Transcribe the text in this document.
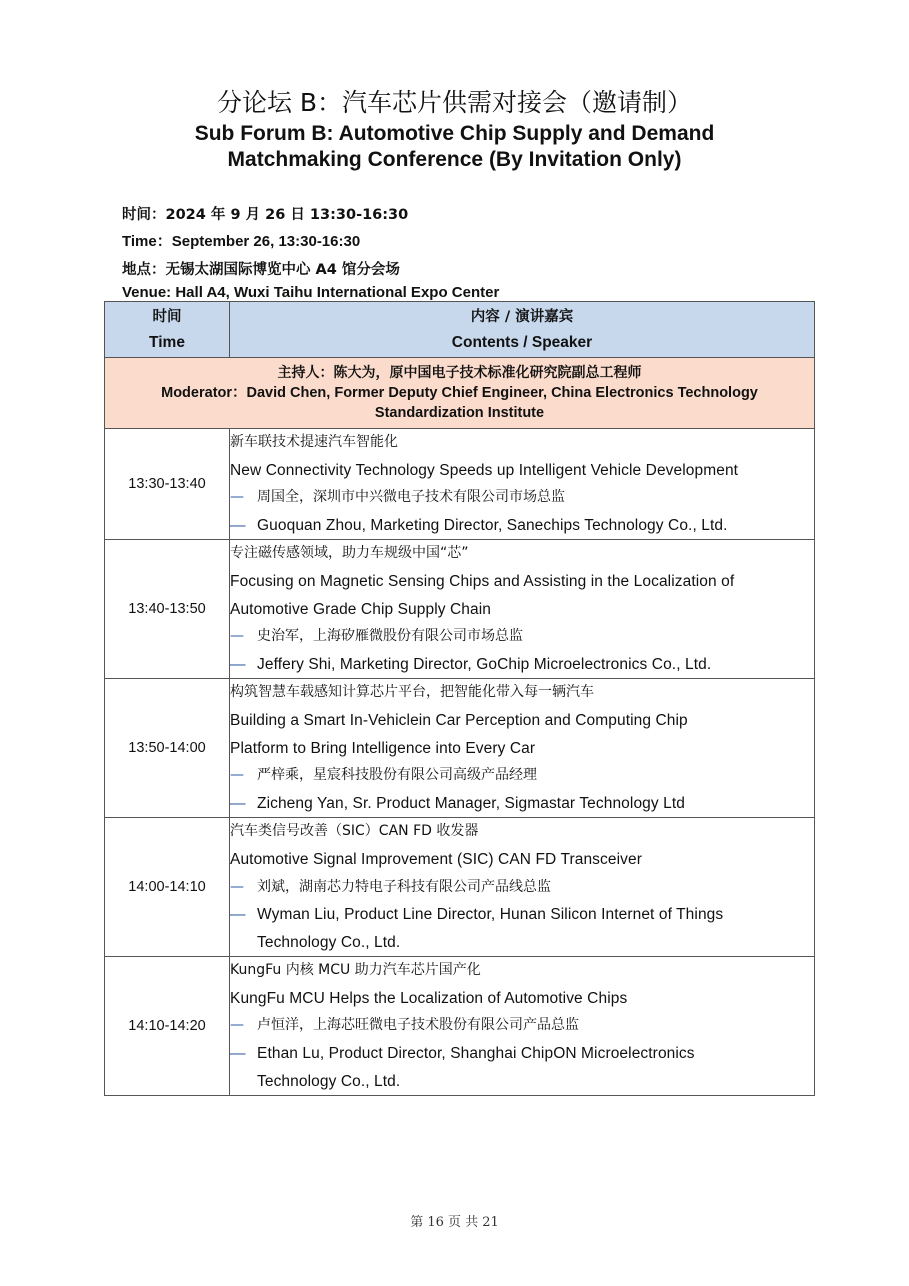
分论坛 B：汽车芯片供需对接会（邀请制）
Sub Forum B: Automotive Chip Supply and Demand
Matchmaking Conference (By Invitation Only)
时间：2024 年 9 月 26 日 13:30-16:30
Time：September 26, 13:30-16:30
地点：无锡太湖国际博览中心 A4 馆分会场
Venue: Hall A4, Wuxi Taihu International Expo Center
时间
Time	内容 / 演讲嘉宾
Contents / Speaker

主持人：陈大为，原中国电子技术标准化研究院副总工程师
Moderator：David Chen, Former Deputy Chief Engineer, China Electronics Technology
Standardization Institute	

13:30-13:40	新车联技术提速汽车智能化
New Connectivity Technology Speeds up Intelligent Vehicle Development
— 周国全，深圳市中兴微电子技术有限公司市场总监
— Guoquan Zhou, Marketing Director, Sanechips Technology Co., Ltd.

13:40-13:50	专注磁传感领域，助力车规级中国“芯”
Focusing on Magnetic Sensing Chips and Assisting in the Localization of
Automotive Grade Chip Supply Chain
— 史治军，上海矽雁微股份有限公司市场总监
— Jeffery Shi, Marketing Director, GoChip Microelectronics Co., Ltd.

13:50-14:00	构筑智慧车载感知计算芯片平台，把智能化带入每一辆汽车
Building a Smart In-Vehiclein Car Perception and Computing Chip
Platform to Bring Intelligence into Every Car
— 严梓乘，星宸科技股份有限公司高级产品经理
— Zicheng Yan, Sr. Product Manager, Sigmastar Technology Ltd

14:00-14:10	汽车类信号改善（SIC）CAN FD 收发器
Automotive Signal Improvement (SIC) CAN FD Transceiver
— 刘斌，湖南芯力特电子科技有限公司产品线总监
— Wyman Liu, Product Line Director, Hunan Silicon Internet of Things
Technology Co., Ltd.

14:10-14:20	KungFu 内核 MCU 助力汽车芯片国产化
KungFu MCU Helps the Localization of Automotive Chips
— 卢恒洋，上海芯旺微电子技术股份有限公司产品总监
— Ethan Lu, Product Director, Shanghai ChipON Microelectronics
Technology Co., Ltd.
第 16 页 共 21
